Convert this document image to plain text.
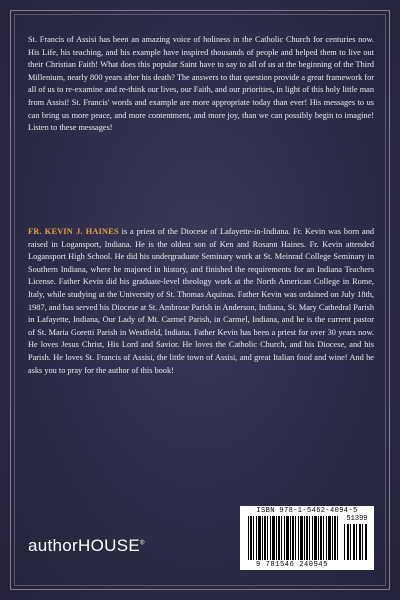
St. Francis of Assisi has been an amazing voice of holiness in the Catholic Church for centuries now. His Life, his teaching, and his example have inspired thousands of people and helped them to live out their Christian Faith! What does this popular Saint have to say to all of us at the beginning of the Third Millenium, nearly 800 years after his death? The answers to that question provide a great framework for all of us to re-examine and re-think our lives, our Faith, and our priorities, in light of this holy little man from Assisi! St. Francis' words and example are more appropriate today than ever! His messages to us can bring us more peace, and more contentment, and more joy, than we can possibly begin to imagine! Listen to these messages!

FR. KEVIN J. HAINES is a priest of the Diocese of Lafayette-in-Indiana. Fr. Kevin was born and raised in Logansport, Indiana. He is the oldest son of Ken and Rosann Haines. Fr. Kevin attended Logansport High School. He did his undergraduate Seminary work at St. Meinrad College Seminary in Southern Indiana, where he majored in history, and finished the requirements for an Indiana Teachers License. Father Kevin did his graduate-level theology work at the North American College in Rome, Italy, while studying at the University of St. Thomas Aquinas. Father Kevin was ordained on July 18th, 1987, and has served his Diocese at St. Ambrose Parish in Anderson, Indiana, St. Mary Cathedral Parish in Lafayette, Indiana, Our Lady of Mt. Carmel Parish, in Carmel, Indiana, and he is the current pastor of St. Maria Goretti Parish in Westfield, Indiana. Father Kevin has been a priest for over 30 years now. He loves Jesus Christ, His Lord and Savior. He loves the Catholic Church, and his Diocese, and his Parish. He loves St. Francis of Assisi, the little town of Assisi, and great Italian food and wine! And he asks you to pray for the author of this book!

authorHOUSE®
ISBN 978-1-5462-4094-5
51399
9 781546 240945
